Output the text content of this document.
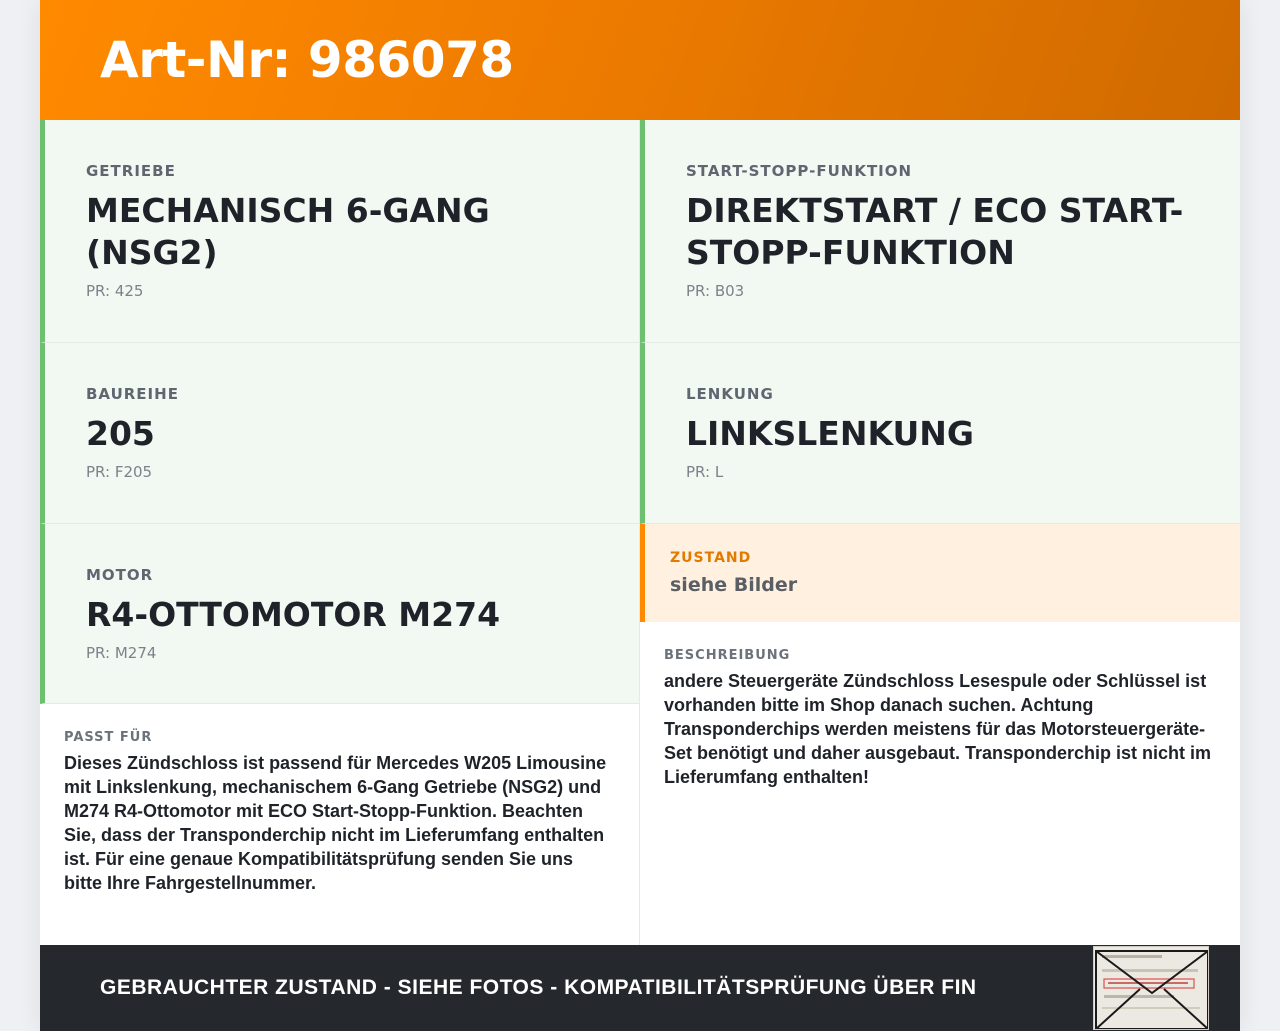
Art-Nr: 986078
GETRIEBE
MECHANISCH 6-GANG (NSG2)
PR: 425
BAUREIHE
205
PR: F205
MOTOR
R4-OTTOMOTOR M274
PR: M274
PASST FÜR
Dieses Zündschloss ist passend für Mercedes W205 Limousine mit Linkslenkung, mechanischem 6-Gang Getriebe (NSG2) und M274 R4-Ottomotor mit ECO Start-Stopp-Funktion. Beachten Sie, dass der Transponderchip nicht im Lieferumfang enthalten ist. Für eine genaue Kompatibilitätsprüfung senden Sie uns bitte Ihre Fahrgestellnummer.
START-STOPP-FUNKTION
DIREKTSTART / ECO START-STOPP-FUNKTION
PR: B03
LENKUNG
LINKSLENKUNG
PR: L
ZUSTAND
siehe Bilder
BESCHREIBUNG
andere Steuergeräte Zündschloss Lesespule oder Schlüssel ist vorhanden bitte im Shop danach suchen. Achtung Transponderchips werden meistens für das Motorsteuergeräte-Set benötigt und daher ausgebaut. Transponderchip ist nicht im Lieferumfang enthalten!
GEBRAUCHTER ZUSTAND - SIEHE FOTOS - KOMPATIBILITÄTSPRÜFUNG ÜBER FIN
